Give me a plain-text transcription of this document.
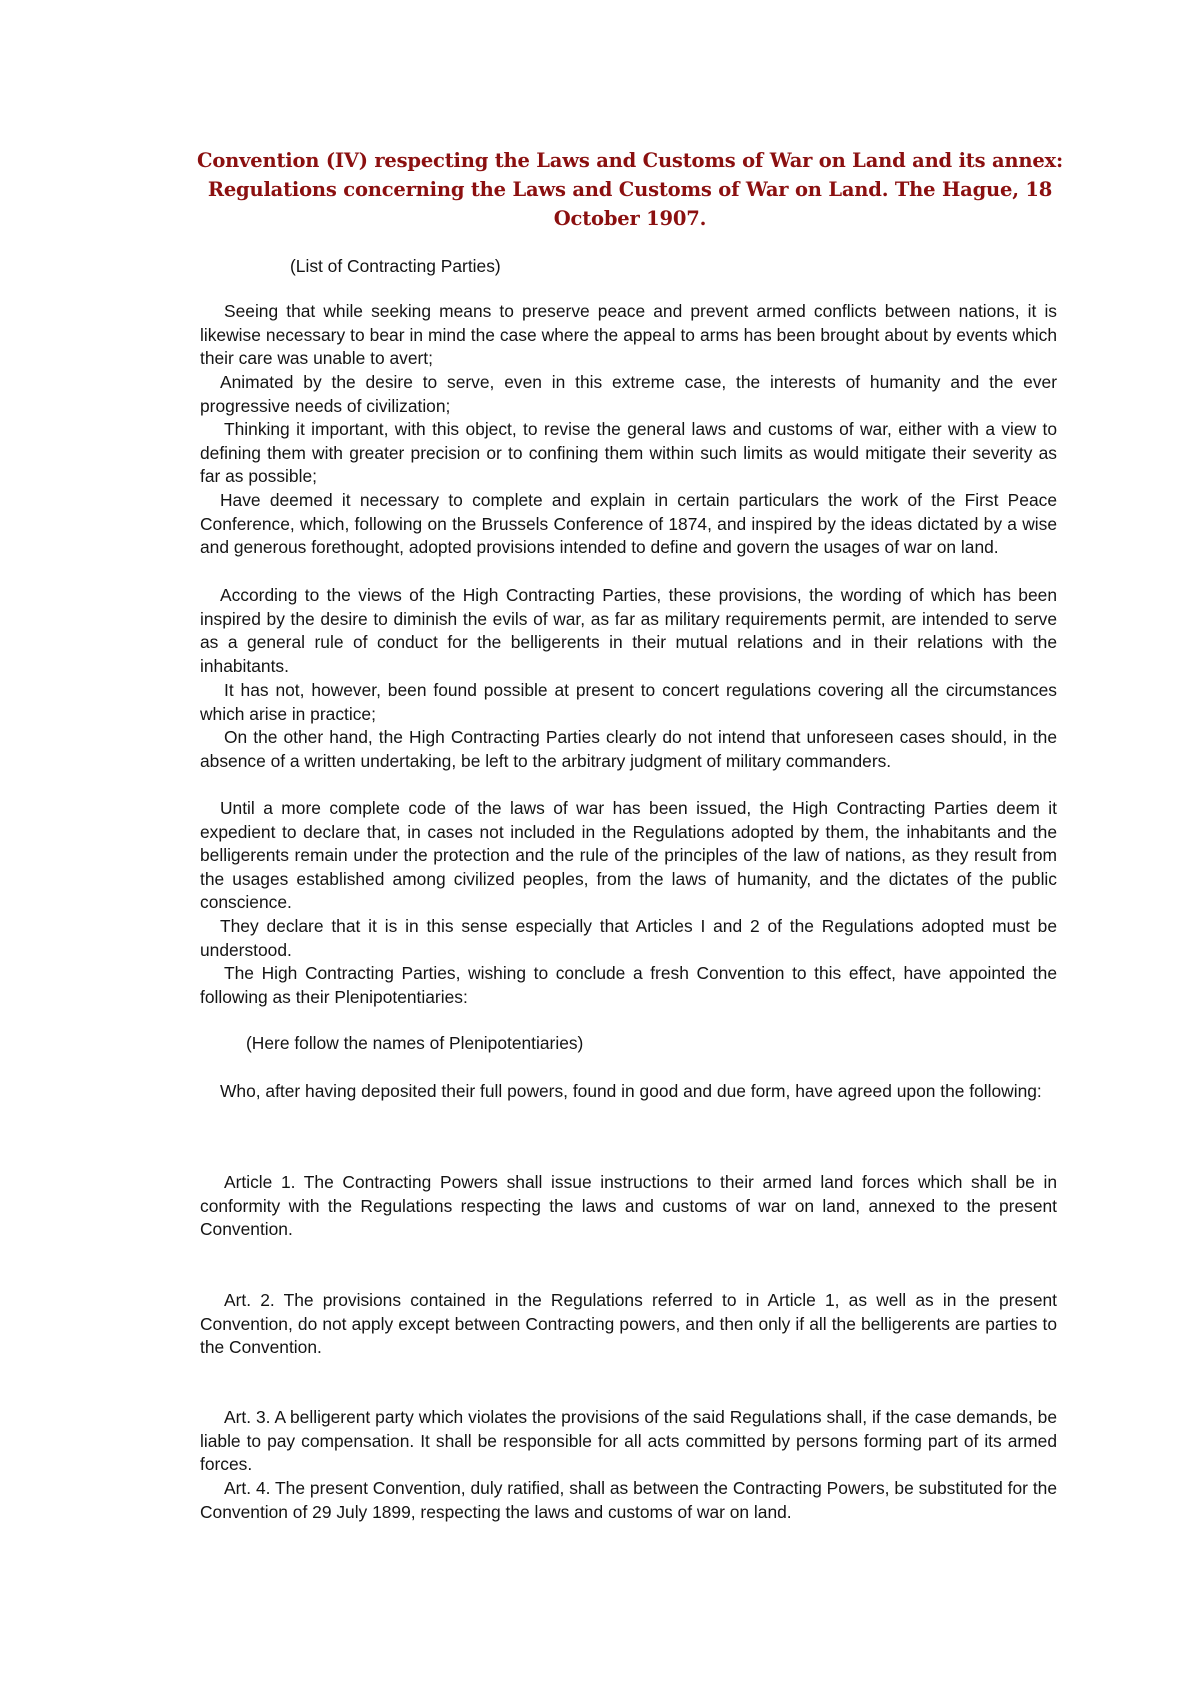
Convention (IV) respecting the Laws and Customs of War on Land and its annex:
Regulations concerning the Laws and Customs of War on Land. The Hague, 18
October 1907.
(List of Contracting Parties)
Seeing that while seeking means to preserve peace and prevent armed conflicts between nations, it is likewise necessary to bear in mind the case where the appeal to arms has been brought about by events which their care was unable to avert;
Animated by the desire to serve, even in this extreme case, the interests of humanity and the ever progressive needs of civilization;
Thinking it important, with this object, to revise the general laws and customs of war, either with a view to defining them with greater precision or to confining them within such limits as would mitigate their severity as far as possible;
Have deemed it necessary to complete and explain in certain particulars the work of the First Peace Conference, which, following on the Brussels Conference of 1874, and inspired by the ideas dictated by a wise and generous forethought, adopted provisions intended to define and govern the usages of war on land.
According to the views of the High Contracting Parties, these provisions, the wording of which has been inspired by the desire to diminish the evils of war, as far as military requirements permit, are intended to serve as a general rule of conduct for the belligerents in their mutual relations and in their relations with the inhabitants.
It has not, however, been found possible at present to concert regulations covering all the circumstances which arise in practice;
On the other hand, the High Contracting Parties clearly do not intend that unforeseen cases should, in the absence of a written undertaking, be left to the arbitrary judgment of military commanders.
Until a more complete code of the laws of war has been issued, the High Contracting Parties deem it expedient to declare that, in cases not included in the Regulations adopted by them, the inhabitants and the belligerents remain under the protection and the rule of the principles of the law of nations, as they result from the usages established among civilized peoples, from the laws of humanity, and the dictates of the public conscience.
They declare that it is in this sense especially that Articles I and 2 of the Regulations adopted must be understood.
The High Contracting Parties, wishing to conclude a fresh Convention to this effect, have appointed the following as their Plenipotentiaries:
(Here follow the names of Plenipotentiaries)
Who, after having deposited their full powers, found in good and due form, have agreed upon the following:
Article 1. The Contracting Powers shall issue instructions to their armed land forces which shall be in conformity with the Regulations respecting the laws and customs of war on land, annexed to the present Convention.
Art. 2. The provisions contained in the Regulations referred to in Article 1, as well as in the present Convention, do not apply except between Contracting powers, and then only if all the belligerents are parties to the Convention.
Art. 3. A belligerent party which violates the provisions of the said Regulations shall, if the case demands, be liable to pay compensation. It shall be responsible for all acts committed by persons forming part of its armed forces.
Art. 4. The present Convention, duly ratified, shall as between the Contracting Powers, be substituted for the Convention of 29 July 1899, respecting the laws and customs of war on land.
